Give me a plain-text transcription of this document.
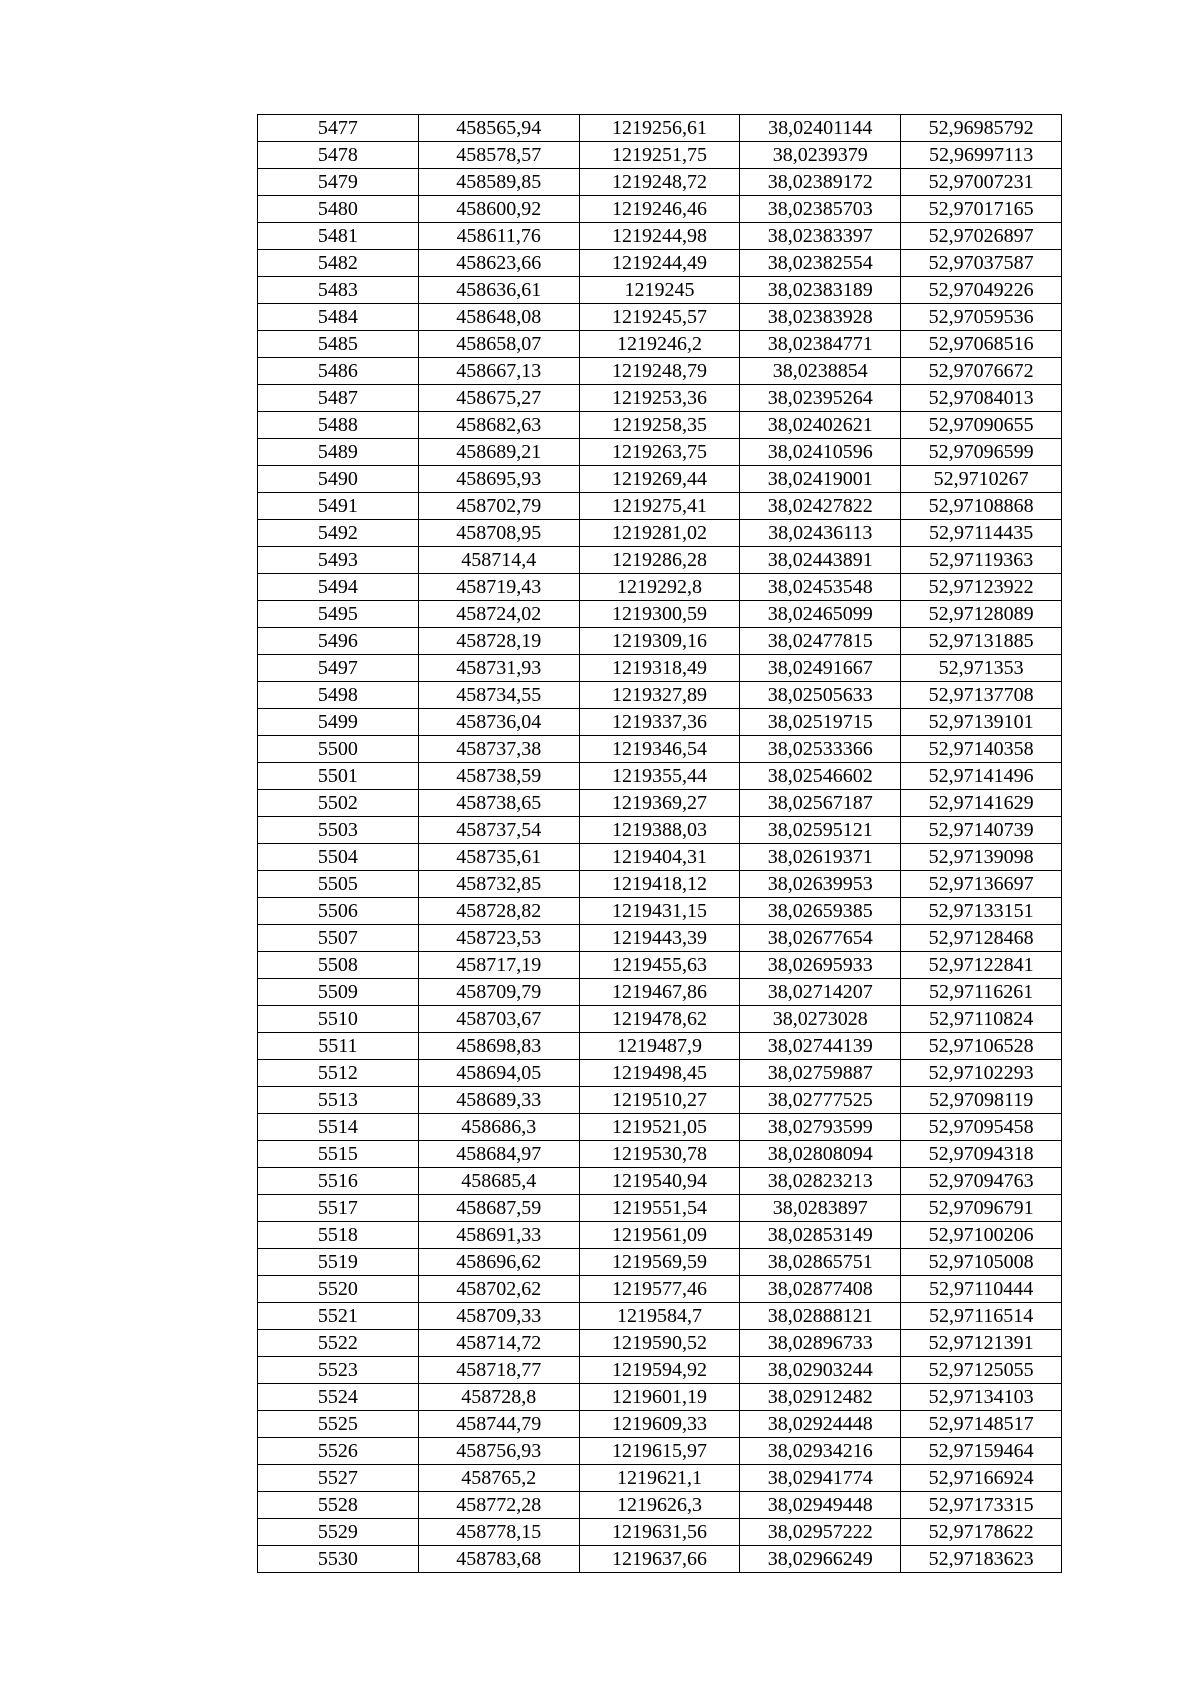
5477	458565,94	1219256,61	38,02401144	52,96985792
5478	458578,57	1219251,75	38,0239379	52,96997113
5479	458589,85	1219248,72	38,02389172	52,97007231
5480	458600,92	1219246,46	38,02385703	52,97017165
5481	458611,76	1219244,98	38,02383397	52,97026897
5482	458623,66	1219244,49	38,02382554	52,97037587
5483	458636,61	1219245	38,02383189	52,97049226
5484	458648,08	1219245,57	38,02383928	52,97059536
5485	458658,07	1219246,2	38,02384771	52,97068516
5486	458667,13	1219248,79	38,0238854	52,97076672
5487	458675,27	1219253,36	38,02395264	52,97084013
5488	458682,63	1219258,35	38,02402621	52,97090655
5489	458689,21	1219263,75	38,02410596	52,97096599
5490	458695,93	1219269,44	38,02419001	52,9710267
5491	458702,79	1219275,41	38,02427822	52,97108868
5492	458708,95	1219281,02	38,02436113	52,97114435
5493	458714,4	1219286,28	38,02443891	52,97119363
5494	458719,43	1219292,8	38,02453548	52,97123922
5495	458724,02	1219300,59	38,02465099	52,97128089
5496	458728,19	1219309,16	38,02477815	52,97131885
5497	458731,93	1219318,49	38,02491667	52,971353
5498	458734,55	1219327,89	38,02505633	52,97137708
5499	458736,04	1219337,36	38,02519715	52,97139101
5500	458737,38	1219346,54	38,02533366	52,97140358
5501	458738,59	1219355,44	38,02546602	52,97141496
5502	458738,65	1219369,27	38,02567187	52,97141629
5503	458737,54	1219388,03	38,02595121	52,97140739
5504	458735,61	1219404,31	38,02619371	52,97139098
5505	458732,85	1219418,12	38,02639953	52,97136697
5506	458728,82	1219431,15	38,02659385	52,97133151
5507	458723,53	1219443,39	38,02677654	52,97128468
5508	458717,19	1219455,63	38,02695933	52,97122841
5509	458709,79	1219467,86	38,02714207	52,97116261
5510	458703,67	1219478,62	38,0273028	52,97110824
5511	458698,83	1219487,9	38,02744139	52,97106528
5512	458694,05	1219498,45	38,02759887	52,97102293
5513	458689,33	1219510,27	38,02777525	52,97098119
5514	458686,3	1219521,05	38,02793599	52,97095458
5515	458684,97	1219530,78	38,02808094	52,97094318
5516	458685,4	1219540,94	38,02823213	52,97094763
5517	458687,59	1219551,54	38,0283897	52,97096791
5518	458691,33	1219561,09	38,02853149	52,97100206
5519	458696,62	1219569,59	38,02865751	52,97105008
5520	458702,62	1219577,46	38,02877408	52,97110444
5521	458709,33	1219584,7	38,02888121	52,97116514
5522	458714,72	1219590,52	38,02896733	52,97121391
5523	458718,77	1219594,92	38,02903244	52,97125055
5524	458728,8	1219601,19	38,02912482	52,97134103
5525	458744,79	1219609,33	38,02924448	52,97148517
5526	458756,93	1219615,97	38,02934216	52,97159464
5527	458765,2	1219621,1	38,02941774	52,97166924
5528	458772,28	1219626,3	38,02949448	52,97173315
5529	458778,15	1219631,56	38,02957222	52,97178622
5530	458783,68	1219637,66	38,02966249	52,97183623
